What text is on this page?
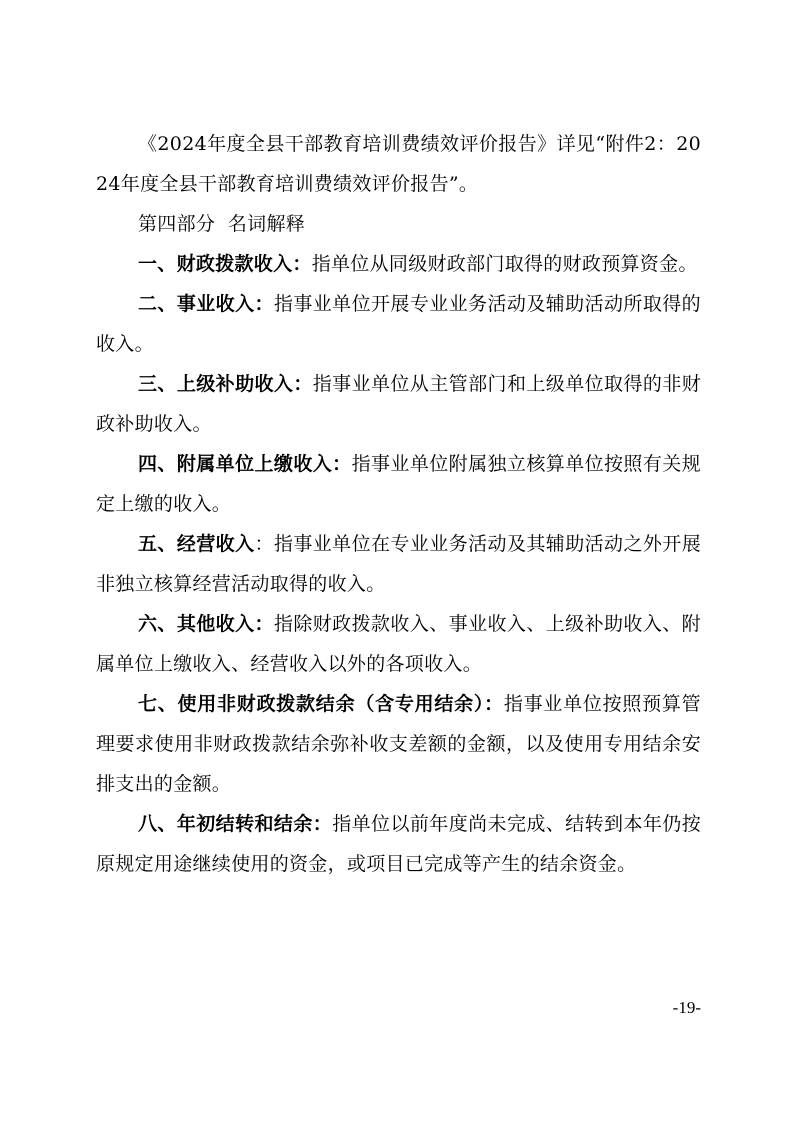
《2024年度全县干部教育培训费绩效评价报告》详见“附件2：2024年度全县干部教育培训费绩效评价报告”。

第四部分  名词解释

一、财政拨款收入：指单位从同级财政部门取得的财政预算资金。

二、事业收入：指事业单位开展专业业务活动及辅助活动所取得的收入。

三、上级补助收入：指事业单位从主管部门和上级单位取得的非财政补助收入。

四、附属单位上缴收入：指事业单位附属独立核算单位按照有关规定上缴的收入。

五、经营收入：指事业单位在专业业务活动及其辅助活动之外开展非独立核算经营活动取得的收入。

六、其他收入：指除财政拨款收入、事业收入、上级补助收入、附属单位上缴收入、经营收入以外的各项收入。

七、使用非财政拨款结余（含专用结余）：指事业单位按照预算管理要求使用非财政拨款结余弥补收支差额的金额，以及使用专用结余安排支出的金额。

八、年初结转和结余：指单位以前年度尚未完成、结转到本年仍按原规定用途继续使用的资金，或项目已完成等产生的结余资金。

-19-
